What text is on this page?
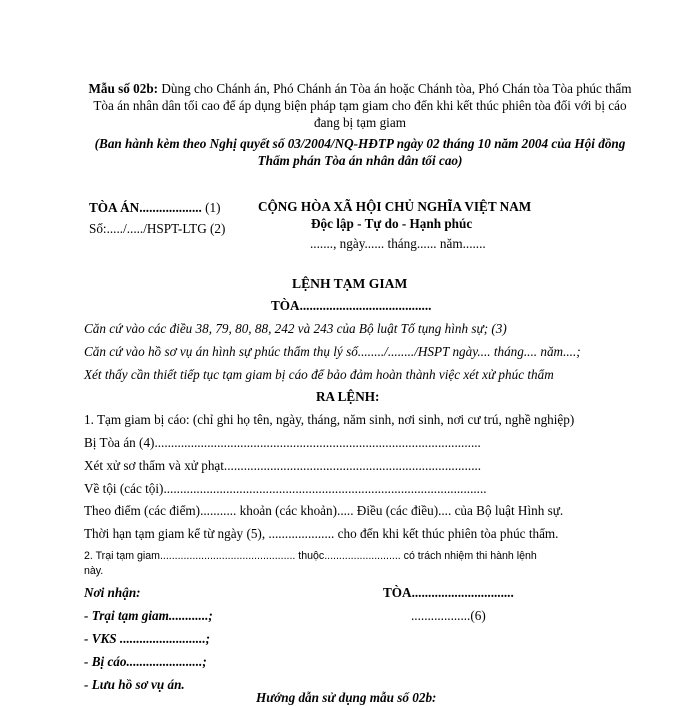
Mẫu số 02b: Dùng cho Chánh án, Phó Chánh án Tòa án hoặc Chánh tòa, Phó Chán tòa Tòa phúc thẩm Tòa án nhân dân tối cao để áp dụng biện pháp tạm giam cho đến khi kết thúc phiên tòa đối với bị cáo đang bị tạm giam
(Ban hành kèm theo Nghị quyết số 03/2004/NQ-HĐTP ngày 02 tháng 10 năm 2004 của Hội đồng Thẩm phán Tòa án nhân dân tối cao)
TÒA ÁN................... (1)
Số:...../...../HSPT-LTG (2)
CỘNG HÒA XÃ HỘI CHỦ NGHĨA VIỆT NAM
Độc lập - Tự do - Hạnh phúc
......., ngày...... tháng...... năm.......
LỆNH TẠM GIAM
TÒA........................................
Căn cứ vào các điều 38, 79, 80, 88, 242 và 243 của Bộ luật Tố tụng hình sự; (3)
Căn cứ vào hồ sơ vụ án hình sự phúc thẩm thụ lý số......../......../HSPT ngày.... tháng.... năm....;
Xét thấy cần thiết tiếp tục tạm giam bị cáo để bảo đảm hoàn thành việc xét xử phúc thẩm
RA LỆNH:
1. Tạm giam bị cáo: (chỉ ghi họ tên, ngày, tháng, năm sinh, nơi sinh, nơi cư trú, nghề nghiệp)
Bị Tòa án (4)...................................................................................................
Xét xử sơ thẩm và xử phạt..............................................................................
Về tội (các tội)..................................................................................................
Theo điểm (các điểm)........... khoản (các khoản)..... Điều (các điều).... của Bộ luật Hình sự.
Thời hạn tạm giam kể từ ngày (5), .................... cho đến khi kết thúc phiên tòa phúc thẩm.
2. Trại tạm giam.............................................. thuộc.......................... có trách nhiệm thi hành lệnh
này.
Nơi nhận:
- Trại tạm giam............;
- VKS ..........................;
- Bị cáo.......................;
- Lưu hồ sơ vụ án.
TÒA...............................
..................(6)
Hướng dẫn sử dụng mẫu số 02b:
